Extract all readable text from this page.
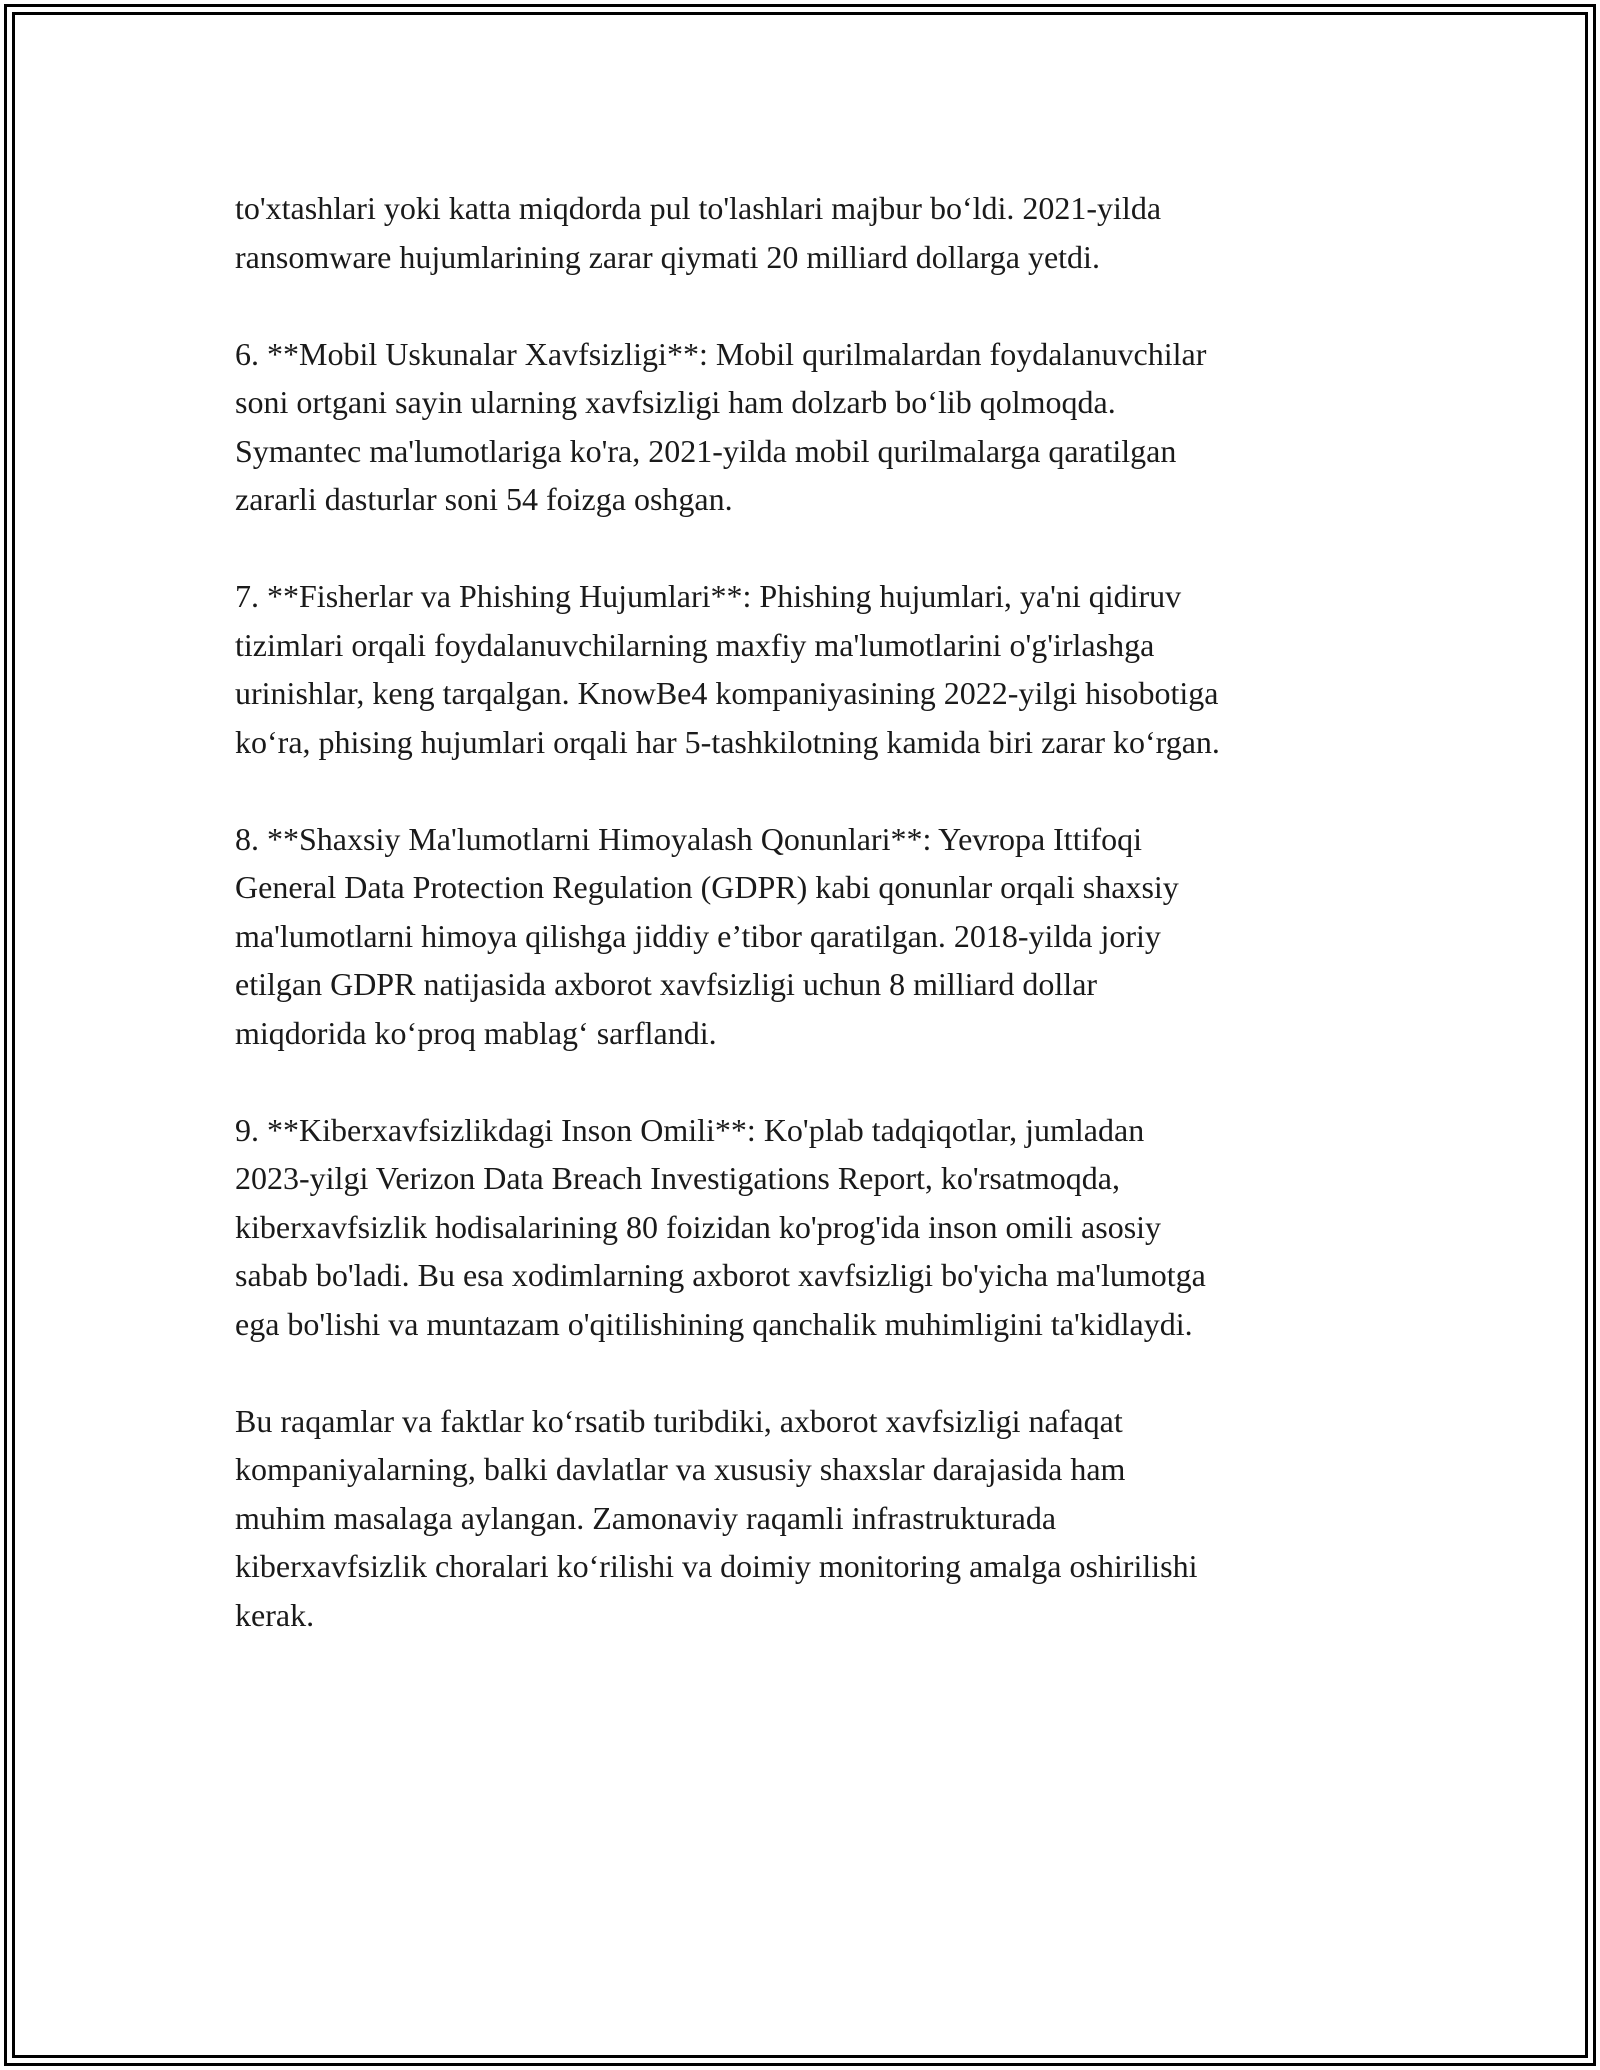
to'xtashlari yoki katta miqdorda pul to'lashlari majbur bo‘ldi. 2021-yilda
ransomware hujumlarining zarar qiymati 20 milliard dollarga yetdi.

6. **Mobil Uskunalar Xavfsizligi**: Mobil qurilmalardan foydalanuvchilar
soni ortgani sayin ularning xavfsizligi ham dolzarb bo‘lib qolmoqda.
Symantec ma'lumotlariga ko'ra, 2021-yilda mobil qurilmalarga qaratilgan
zararli dasturlar soni 54 foizga oshgan.

7. **Fisherlar va Phishing Hujumlari**: Phishing hujumlari, ya'ni qidiruv
tizimlari orqali foydalanuvchilarning maxfiy ma'lumotlarini o'g'irlashga
urinishlar, keng tarqalgan. KnowBe4 kompaniyasining 2022-yilgi hisobotiga
ko‘ra, phising hujumlari orqali har 5-tashkilotning kamida biri zarar ko‘rgan.

8. **Shaxsiy Ma'lumotlarni Himoyalash Qonunlari**: Yevropa Ittifoqi
General Data Protection Regulation (GDPR) kabi qonunlar orqali shaxsiy
ma'lumotlarni himoya qilishga jiddiy e’tibor qaratilgan. 2018-yilda joriy
etilgan GDPR natijasida axborot xavfsizligi uchun 8 milliard dollar
miqdorida ko‘proq mablag‘ sarflandi.

9. **Kiberxavfsizlikdagi Inson Omili**: Ko'plab tadqiqotlar, jumladan
2023-yilgi Verizon Data Breach Investigations Report, ko'rsatmoqda,
kiberxavfsizlik hodisalarining 80 foizidan ko'prog'ida inson omili asosiy
sabab bo'ladi. Bu esa xodimlarning axborot xavfsizligi bo'yicha ma'lumotga
ega bo'lishi va muntazam o'qitilishining qanchalik muhimligini ta'kidlaydi.

Bu raqamlar va faktlar ko‘rsatib turibdiki, axborot xavfsizligi nafaqat
kompaniyalarning, balki davlatlar va xususiy shaxslar darajasida ham
muhim masalaga aylangan. Zamonaviy raqamli infrastrukturada
kiberxavfsizlik choralari ko‘rilishi va doimiy monitoring amalga oshirilishi
kerak.
